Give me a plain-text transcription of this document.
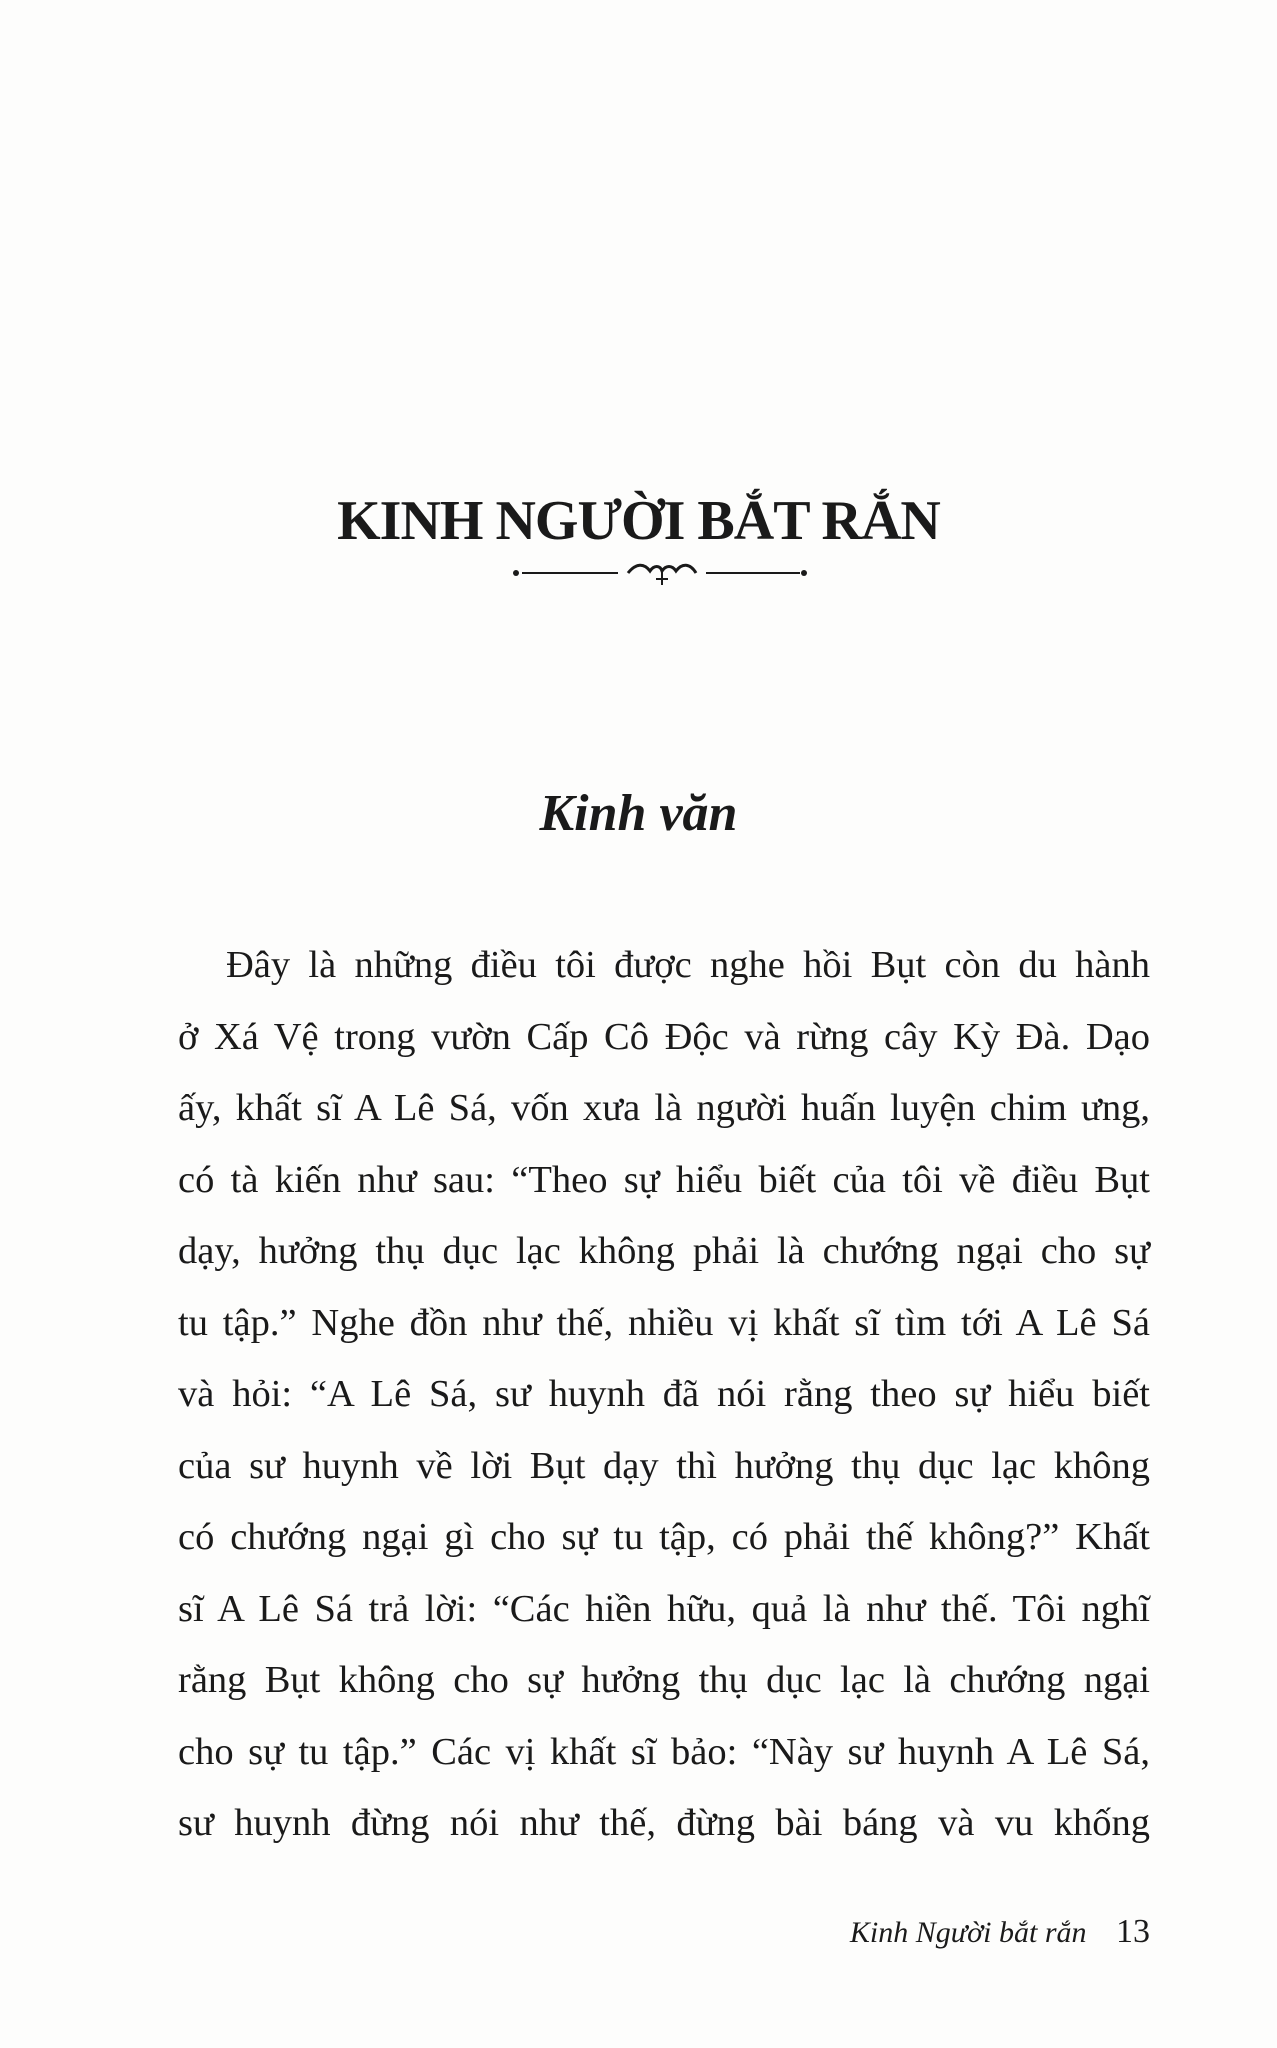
KINH NGƯỜI BẮT RẮN
Kinh văn
Đây là những điều tôi được nghe hồi Bụt còn du hành
ở Xá Vệ trong vườn Cấp Cô Độc và rừng cây Kỳ Đà. Dạo
ấy, khất sĩ A Lê Sá, vốn xưa là người huấn luyện chim ưng,
có tà kiến như sau: “Theo sự hiểu biết của tôi về điều Bụt
dạy, hưởng thụ dục lạc không phải là chướng ngại cho sự
tu tập.” Nghe đồn như thế, nhiều vị khất sĩ tìm tới A Lê Sá
và hỏi: “A Lê Sá, sư huynh đã nói rằng theo sự hiểu biết
của sư huynh về lời Bụt dạy thì hưởng thụ dục lạc không
có chướng ngại gì cho sự tu tập, có phải thế không?” Khất
sĩ A Lê Sá trả lời: “Các hiền hữu, quả là như thế. Tôi nghĩ
rằng Bụt không cho sự hưởng thụ dục lạc là chướng ngại
cho sự tu tập.” Các vị khất sĩ bảo: “Này sư huynh A Lê Sá,
sư huynh đừng nói như thế, đừng bài báng và vu khống
Kinh Người bắt rắn 13
